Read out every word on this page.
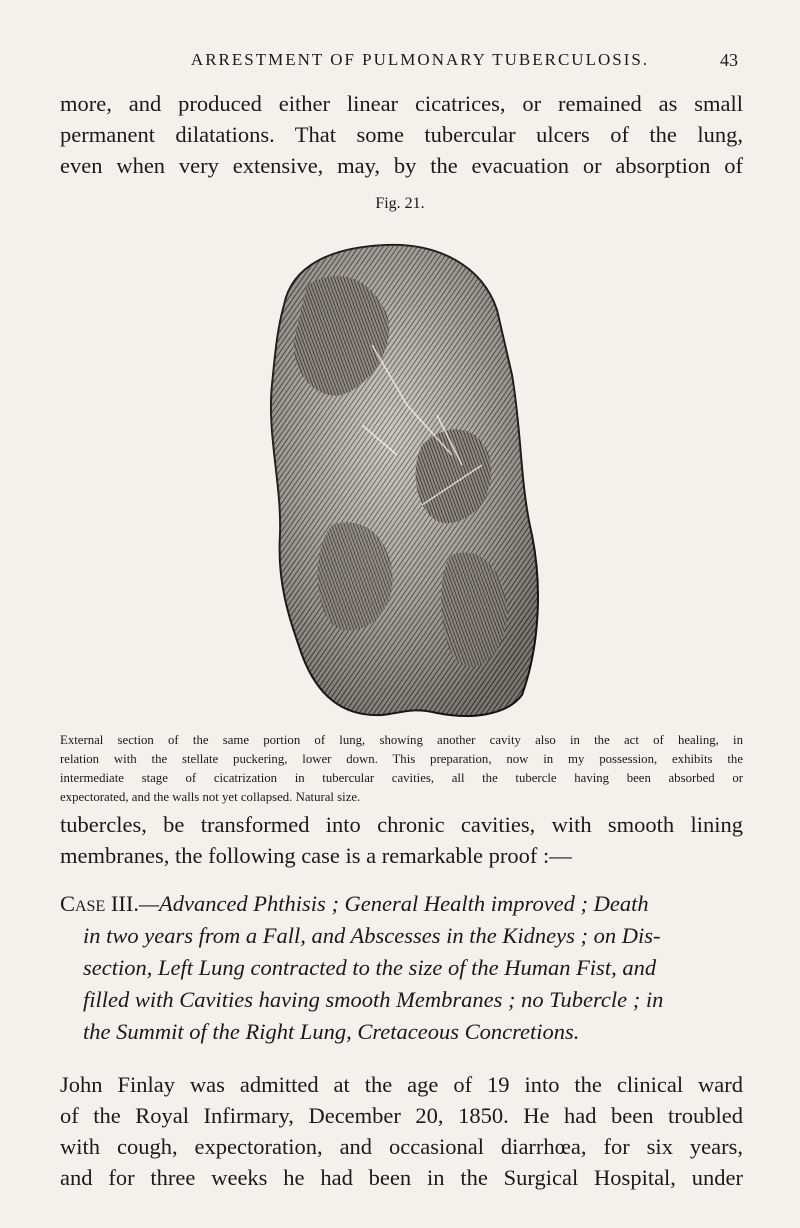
ARRESTMENT OF PULMONARY TUBERCULOSIS.	43
more, and produced either linear cicatrices, or remained as small
permanent dilatations. That some tubercular ulcers of the lung,
even when very extensive, may, by the evacuation or absorption of
Fig. 21.
External section of the same portion of lung, showing another cavity also in the act of healing, in
relation with the stellate puckering, lower down. This preparation, now in my possession, exhibits the
intermediate stage of cicatrization in tubercular cavities, all the tubercle having been absorbed or
expectorated, and the walls not yet collapsed. Natural size.
tubercles, be transformed into chronic cavities, with smooth lining
membranes, the following case is a remarkable proof :—
Case III.—Advanced Phthisis ; General Health improved ; Death
in two years from a Fall, and Abscesses in the Kidneys ; on Dis-
section, Left Lung contracted to the size of the Human Fist, and
filled with Cavities having smooth Membranes ; no Tubercle ; in
the Summit of the Right Lung, Cretaceous Concretions.
John Finlay was admitted at the age of 19 into the clinical ward
of the Royal Infirmary, December 20, 1850. He had been troubled
with cough, expectoration, and occasional diarrhœa, for six years,
and for three weeks he had been in the Surgical Hospital, under
